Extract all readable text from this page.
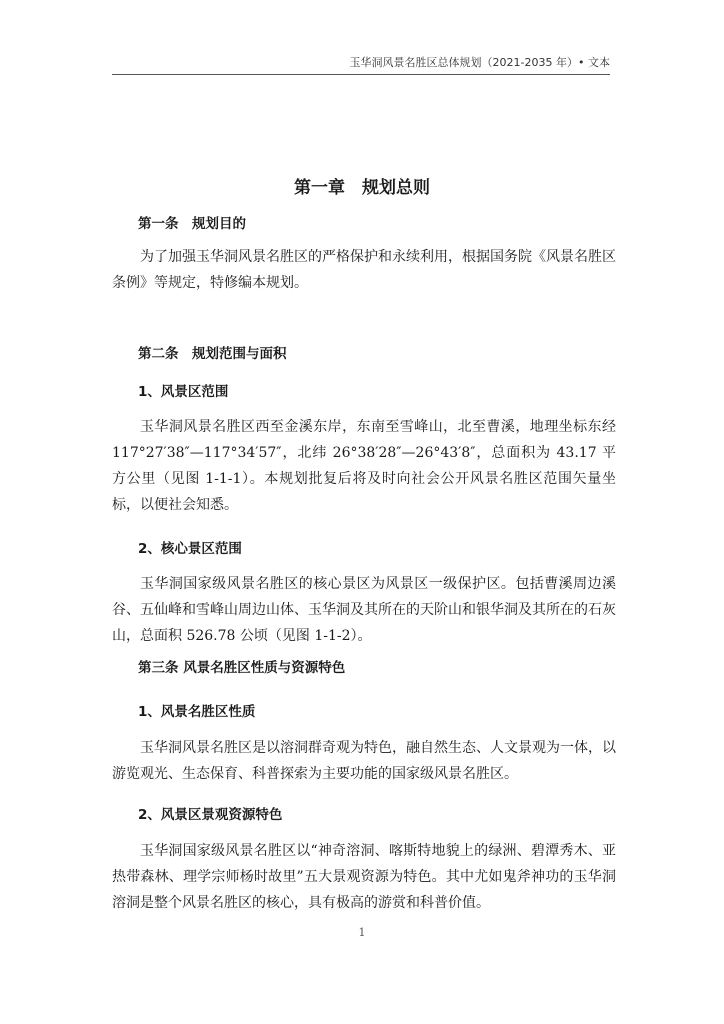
玉华洞风景名胜区总体规划（2021-2035 年）• 文本
第一章　规划总则
第一条　规划目的

为了加强玉华洞风景名胜区的严格保护和永续利用，根据国务院《风景名胜区条例》等规定，特修编本规划。

第二条　规划范围与面积
1、风景区范围

玉华洞风景名胜区西至金溪东岸，东南至雪峰山，北至曹溪，地理坐标东经117°27′38″—117°34′57″，北纬 26°38′28″—26°43′8″，总面积为 43.17 平方公里（见图 1-1-1）。本规划批复后将及时向社会公开风景名胜区范围矢量坐标，以便社会知悉。

2、核心景区范围

玉华洞国家级风景名胜区的核心景区为风景区一级保护区。包括曹溪周边溪谷、五仙峰和雪峰山周边山体、玉华洞及其所在的天阶山和银华洞及其所在的石灰山，总面积 526.78 公顷（见图 1-1-2）。

第三条 风景名胜区性质与资源特色
1、风景名胜区性质

玉华洞风景名胜区是以溶洞群奇观为特色，融自然生态、人文景观为一体，以游览观光、生态保育、科普探索为主要功能的国家级风景名胜区。

2、风景区景观资源特色

玉华洞国家级风景名胜区以“神奇溶洞、喀斯特地貌上的绿洲、碧潭秀木、亚热带森林、理学宗师杨时故里”五大景观资源为特色。其中尤如鬼斧神功的玉华洞溶洞是整个风景名胜区的核心，具有极高的游赏和科普价值。

1
